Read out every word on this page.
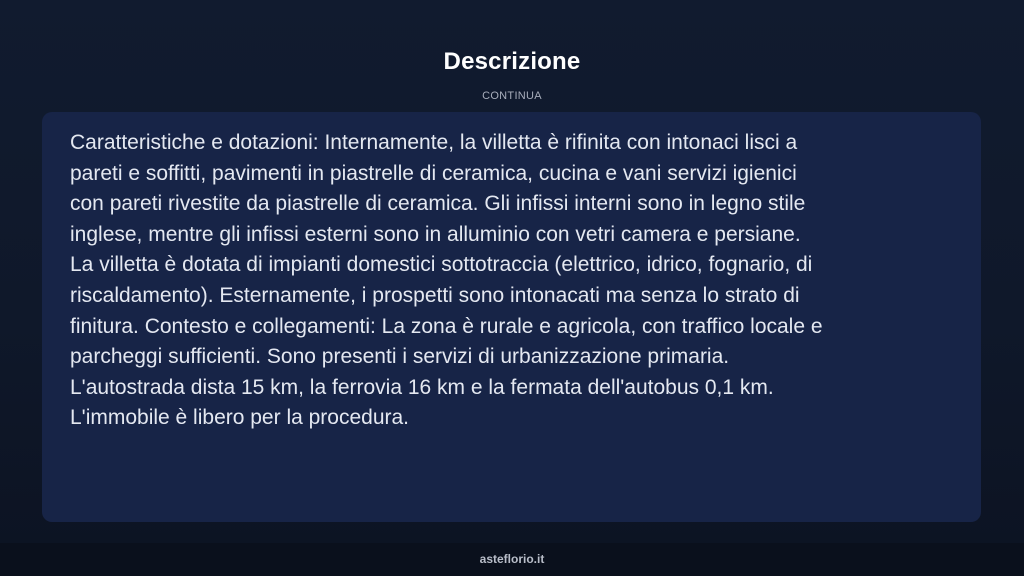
Descrizione
CONTINUA

Caratteristiche e dotazioni: Internamente, la villetta è rifinita con intonaci lisci a
pareti e soffitti, pavimenti in piastrelle di ceramica, cucina e vani servizi igienici
con pareti rivestite da piastrelle di ceramica. Gli infissi interni sono in legno stile
inglese, mentre gli infissi esterni sono in alluminio con vetri camera e persiane.
La villetta è dotata di impianti domestici sottotraccia (elettrico, idrico, fognario, di
riscaldamento). Esternamente, i prospetti sono intonacati ma senza lo strato di
finitura. Contesto e collegamenti: La zona è rurale e agricola, con traffico locale e
parcheggi sufficienti. Sono presenti i servizi di urbanizzazione primaria.
L'autostrada dista 15 km, la ferrovia 16 km e la fermata dell'autobus 0,1 km.
L'immobile è libero per la procedura.

asteflorio.it
